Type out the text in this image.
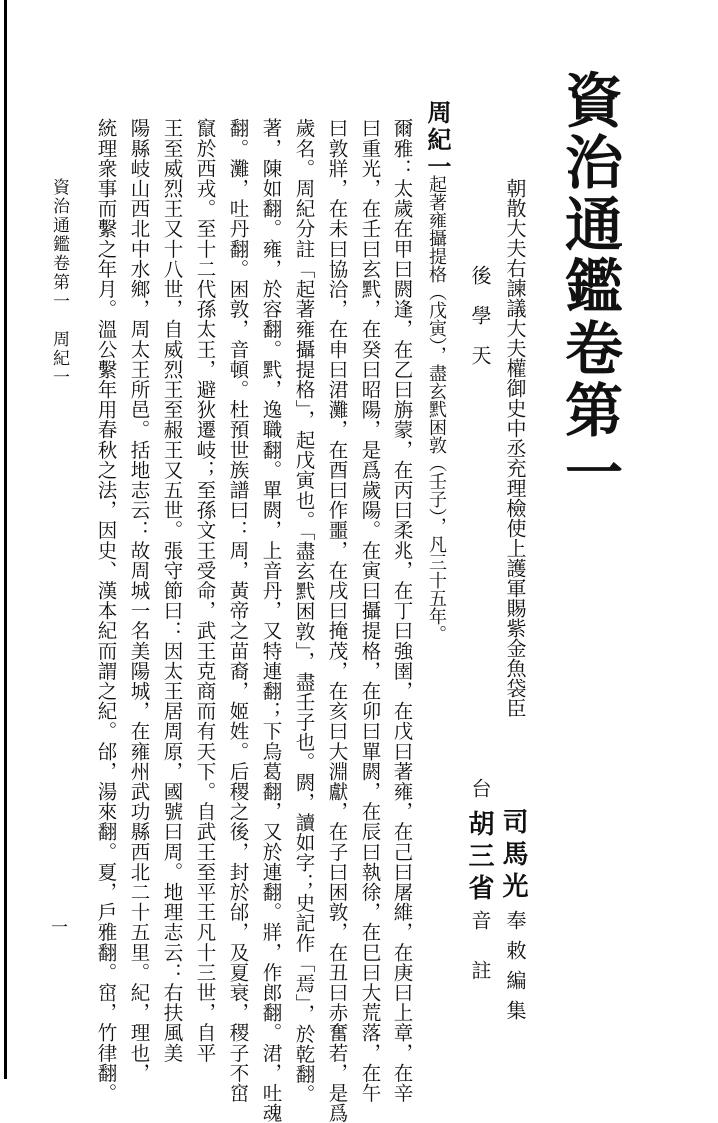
資治通鑑卷第一
朝散大夫右諫議大夫權御史中丞充理檢使上護軍賜紫金魚袋臣
司馬光
奉敕編集
後　學　天
台
胡三省
音註
周紀一
起著雍攝提格（戊寅），盡玄黓困敦（壬子），凡三十五年。
爾雅：太歲在甲曰閼逢，在乙曰旃蒙，在丙曰柔兆，在丁曰強圉，在戊曰著雍，在己曰屠維，在庚曰上章，在辛
曰重光，在壬曰玄黓，在癸曰昭陽，是爲歲陽。在寅曰攝提格，在卯曰單閼，在辰曰執徐，在巳曰大荒落，在午
曰敦牂，在未曰協洽，在申曰涒灘，在酉曰作噩，在戌曰掩茂，在亥曰大淵獻，在子曰困敦，在丑曰赤奮若，是爲
歲名。周紀分註「起著雍攝提格」，起戊寅也。「盡玄黓困敦」，盡壬子也。閼，讀如字；史記作「焉」，於乾翻。
著，陳如翻。雍，於容翻。黓，逸職翻。單閼，上音丹，又特連翻；下烏葛翻，又於連翻。牂，作郎翻。涒，吐魂
翻。灘，吐丹翻。困敦，音頓。杜預世族譜曰：周，黃帝之苗裔，姬姓。后稷之後，封於邰，及夏衰，稷子不窋
竄於西戎。至十二代孫太王，避狄遷岐；至孫文王受命，武王克商而有天下。自武王至平王凡十三世，自平
王至威烈王又十八世，自威烈王至赧王又五世。張守節曰：因太王居周原，國號曰周。地理志云：右扶風美
陽縣岐山西北中水鄉，周太王所邑。括地志云：故周城一名美陽城，在雍州武功縣西北二十五里。紀，理也，
統理衆事而繫之年月。溫公繫年用春秋之法，因史、漢本紀而謂之紀。邰，湯來翻。夏，戶雅翻。窋，竹律翻。
資治通鑑卷第一　周紀一
一
